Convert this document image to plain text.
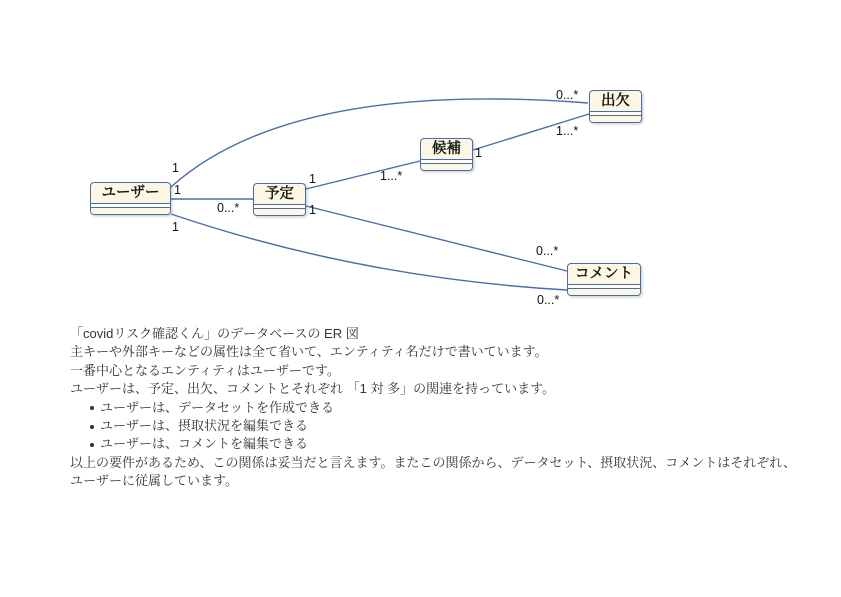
ユーザー	予定
候補
出欠
コメント
1
0...*
1
0...*
1
0...*
1	1...*
1
1...*
1
0...*

「covidリスク確認くん」のデータベースの ER 図

主キーや外部キーなどの属性は全て省いて、エンティティ名だけで書いています。

一番中心となるエンティティはユーザーです。

ユーザーは、予定、出欠、コメントとそれぞれ 「1 対 多」の関連を持っています。

ユーザーは、データセットを作成できる
ユーザーは、摂取状況を編集できる
ユーザーは、コメントを編集できる

以上の要件があるため、この関係は妥当だと言えます。またこの関係から、データセット、摂取状況、コメントはそれぞれ、ユーザーに従属しています。
